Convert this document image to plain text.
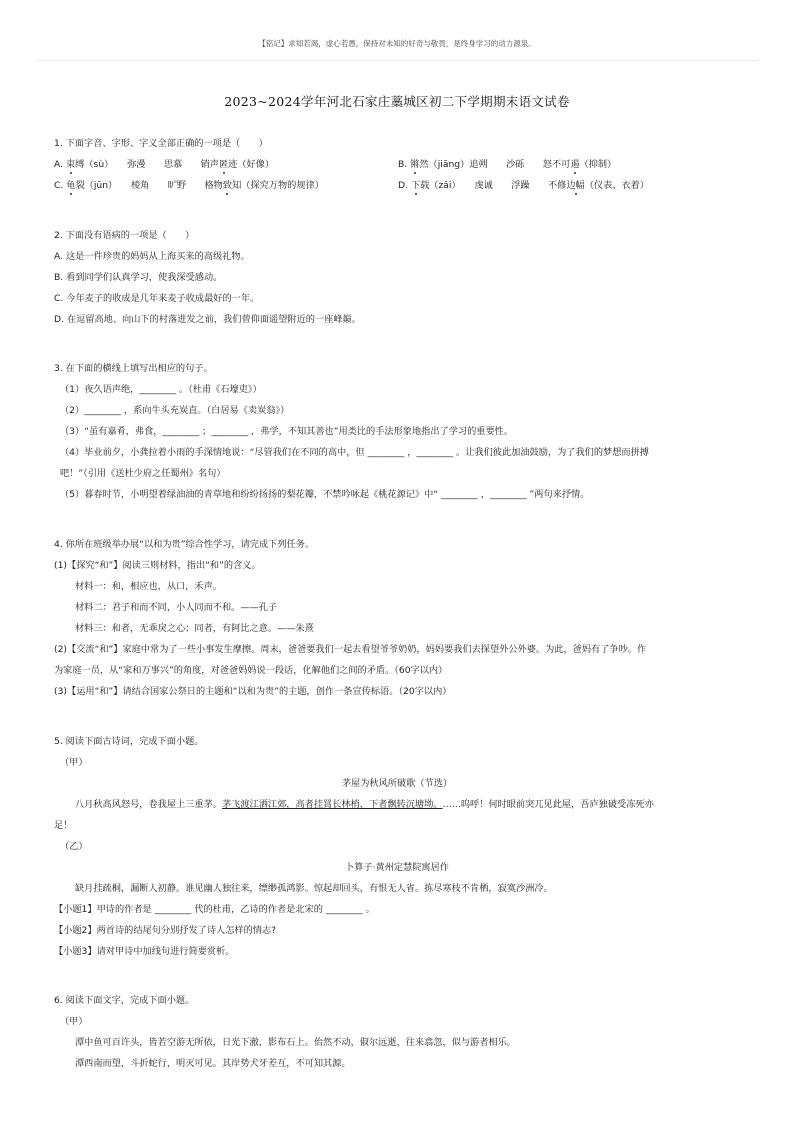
【铭记】求知若渴，虚心若愚，保持对未知的好奇与敬畏，是终身学习的动力源泉。
2023~2024学年河北石家庄藁城区初二下学期期末语文试卷
1. 下面字音、字形、字义全部正确的一项是（　　）
A. 束缚（sù）　　弥漫　　思慕　　销声匿迹（好像）	B. 锵然（jiāng）追朔　　沙砾　　怒不可遏（抑制）
C. 龟裂（jūn）　　棱角　　旷野　　格物致知（探究万物的规律）	D. 下载（zǎi）　　虔诚　　浮躁　　不修边幅（仪表、衣着）
2. 下面没有语病的一项是（　　）
A. 这是一件珍贵的妈妈从上海买来的高级礼物。
B. 看到同学们认真学习，使我深受感动。
C. 今年麦子的收成是几年来麦子收成最好的一年。
D. 在逗留高地、向山下的村落进发之前，我们曾仰面遥望附近的一座峰巅。
3. 在下面的横线上填写出相应的句子。
（1）夜久语声绝，________ 。（杜甫《石壕吏》）
（2）________ ，系向牛头充炭直。（白居易《卖炭翁》）
（3）“虽有嘉肴，弗食，________ ；________ ，弗学，不知其善也”用类比的手法形象地指出了学习的重要性。
（4）毕业前夕，小龚拉着小雨的手深情地说：“尽管我们在不同的高中，但 ________ ，________ 。让我们彼此加油鼓励，为了我们的梦想而拼搏
吧！”（引用《送杜少府之任蜀州》名句）
（5）暮春时节，小明望着绿油油的青草地和纷纷扬扬的梨花瓣，不禁吟咏起《桃花源记》中“ ________ ，________ ”两句来抒情。
4. 你所在班级举办展“以和为贵”综合性学习，请完成下列任务。
(1)【探究“和”】阅读三则材料，指出“和”的含义。
材料一：和，相应也，从口，禾声。
材料二：君子和而不同，小人同而不和。——孔子
材料三：和者，无乖戾之心；同者，有阿比之意。——朱熹
(2)【交流“和”】家庭中常为了一些小事发生摩擦。周末，爸爸要我们一起去看望爷爷奶奶，妈妈要我们去探望外公外婆。为此，爸妈有了争吵。作
为家庭一员，从“家和万事兴”的角度，对爸爸妈妈说一段话，化解他们之间的矛盾。（60字以内）
(3)【运用“和”】请结合国家公祭日的主题和“以和为贵”的主题，创作一条宣传标语。（20字以内）
5. 阅读下面古诗词，完成下面小题。
（甲）
茅屋为秋风所破歌（节选）
八月秋高风怒号，卷我屋上三重茅。茅飞渡江洒江郊，高者挂罥长林梢，下者飘转沉塘坳。……呜呼！何时眼前突兀见此屋，吾庐独破受冻死亦
足！
（乙）
卜算子·黄州定慧院寓居作
缺月挂疏桐，漏断人初静。谁见幽人独往来，缥缈孤鸿影。惊起却回头，有恨无人省。拣尽寒枝不肯栖，寂寞沙洲冷。
【小题1】甲诗的作者是 ________ 代的杜甫，乙诗的作者是北宋的 ________ 。
【小题2】两首诗的结尾句分别抒发了诗人怎样的情志?
【小题3】请对甲诗中加线句进行简要赏析。
6. 阅读下面文字，完成下面小题。
（甲）
潭中鱼可百许头，皆若空游无所依，日光下澈，影布石上。佁然不动，俶尔远逝，往来翕忽，似与游者相乐。
潭西南而望，斗折蛇行，明灭可见。其岸势犬牙差互，不可知其源。
